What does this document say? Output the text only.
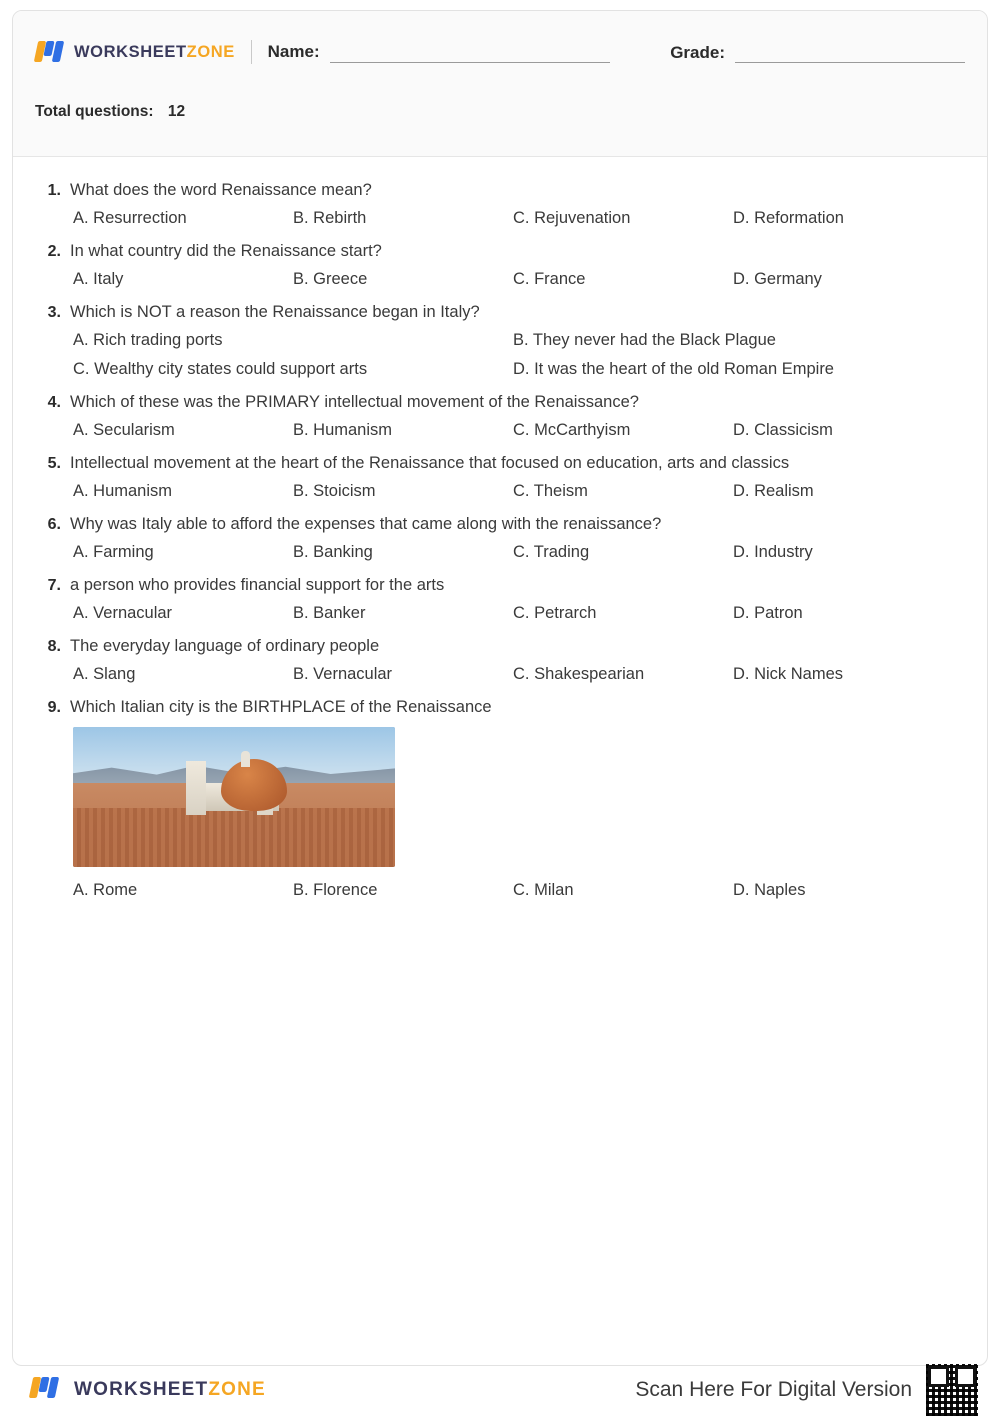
WORKSHEETZONE Name:	Grade:
Total questions: 12
1. What does the word Renaissance mean?
A. Resurrection	B. Rebirth	C. Rejuvenation	D. Reformation
2. In what country did the Renaissance start?
A. Italy	B. Greece	C. France	D. Germany
3. Which is NOT a reason the Renaissance began in Italy?
A. Rich trading ports	B. They never had the Black Plague
C. Wealthy city states could support arts	D. It was the heart of the old Roman Empire
4. Which of these was the PRIMARY intellectual movement of the Renaissance?
A. Secularism	B. Humanism	C. McCarthyism	D. Classicism
5. Intellectual movement at the heart of the Renaissance that focused on education, arts and classics
A. Humanism	B. Stoicism	C. Theism	D. Realism
6. Why was Italy able to afford the expenses that came along with the renaissance?
A. Farming	B. Banking	C. Trading	D. Industry
7. a person who provides financial support for the arts
A. Vernacular	B. Banker	C. Petrarch	D. Patron
8. The everyday language of ordinary people
A. Slang	B. Vernacular	C. Shakespearian	D. Nick Names
9. Which Italian city is the BIRTHPLACE of the Renaissance
A. Rome	B. Florence	C. Milan	D. Naples
WORKSHEETZONE	Scan Here For Digital Version
